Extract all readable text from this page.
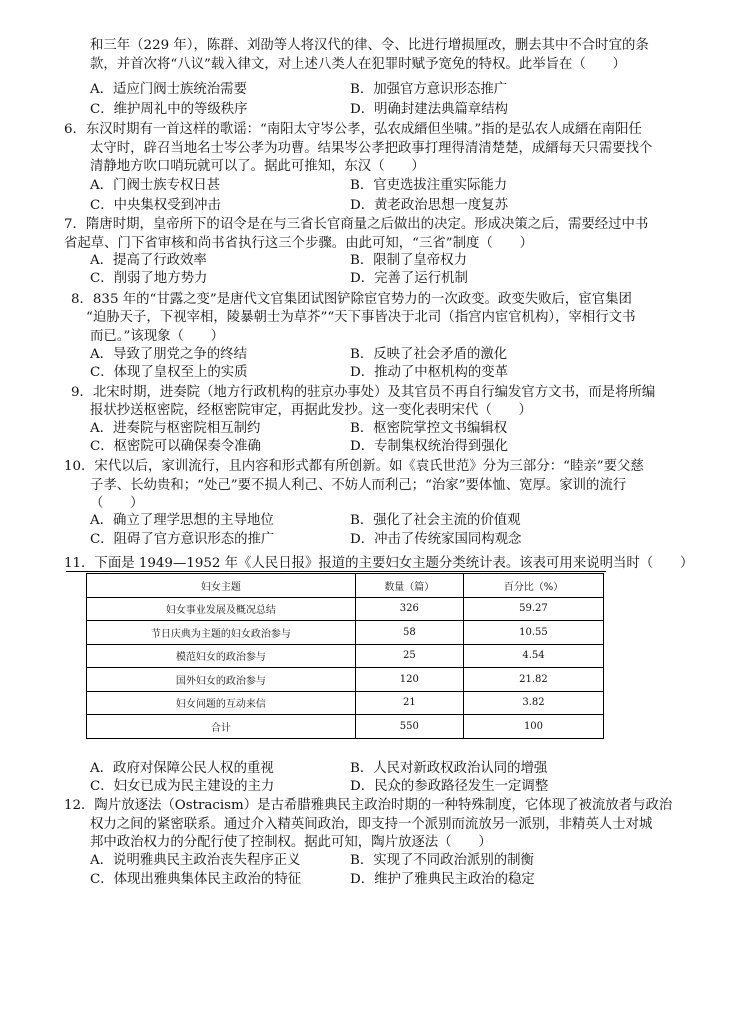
和三年（229 年），陈群、刘劭等人将汉代的律、令、比进行增损厘改，删去其中不合时宜的条
款，并首次将“八议”载入律文，对上述八类人在犯罪时赋予宽免的特权。此举旨在（　　）
A．适应门阀士族统治需要	B．加强官方意识形态推广
C．维护周礼中的等级秩序	D．明确封建法典篇章结构
6．东汉时期有一首这样的歌谣：“南阳太守岑公孝，弘农成縉但坐啸。”指的是弘农人成縉在南阳任
太守时，辟召当地名士岑公孝为功曹。结果岑公孝把政事打理得清清楚楚，成縉每天只需要找个
清静地方吹口哨玩就可以了。据此可推知，东汉（　　）
A．门阀士族专权日甚	B．官吏选拔注重实际能力
C．中央集权受到冲击	D．黄老政治思想一度复苏
7．隋唐时期，皇帝所下的诏令是在与三省长官商量之后做出的决定。形成决策之后，需要经过中书
省起草、门下省审核和尚书省执行这三个步骤。由此可知，“三省”制度（　　）
A．提高了行政效率	B．限制了皇帝权力
C．削弱了地方势力	D．完善了运行机制
8．835 年的“甘露之变”是唐代文官集团试图铲除宦官势力的一次政变。政变失败后，宦官集团
“迫胁天子，下视宰相，陵暴朝士为草芥”“天下事皆决于北司（指宫内宦官机构），宰相行文书
而已。”该现象（　　）
A．导致了朋党之争的终结	B．反映了社会矛盾的激化
C．体现了皇权至上的实质	D．推动了中枢机构的变革
9．北宋时期，进奏院（地方行政机构的驻京办事处）及其官员不再自行编发官方文书，而是将所编
报状抄送枢密院，经枢密院审定，再据此发抄。这一变化表明宋代（　　）
A．进奏院与枢密院相互制约	B．枢密院掌控文书编辑权
C．枢密院可以确保奏令准确	D．专制集权统治得到强化
10．宋代以后，家训流行，且内容和形式都有所创新。如《袁氏世范》分为三部分：“睦亲”要父慈
子孝、长幼贵和；“处己”要不损人利己、不妨人而利己；“治家”要体恤、宽厚。家训的流行
（　　）
A．确立了理学思想的主导地位	B．强化了社会主流的价值观
C．阻碍了官方意识形态的推广	D．冲击了传统家国同构观念
11．下面是 1949—1952 年《人民日报》报道的主要妇女主题分类统计表。该表可用来说明当时（　　）
妇女主题	数量（篇）	百分比（%）
妇女事业发展及概况总结	326	59.27
节日庆典为主题的妇女政治参与	58	10.55
模范妇女的政治参与	25	4.54
国外妇女的政治参与	120	21.82
妇女问题的互动来信	21	3.82
合计	550	100
A．政府对保障公民人权的重视	B．人民对新政权政治认同的增强
C．妇女已成为民主建设的主力	D．民众的参政路径发生一定调整
12．陶片放逐法（Ostracism）是古希腊雅典民主政治时期的一种特殊制度，它体现了被流放者与政治
权力之间的紧密联系。通过介入精英间政治，即支持一个派别而流放另一派别，非精英人士对城
邦中政治权力的分配行使了控制权。据此可知，陶片放逐法（　　）
A．说明雅典民主政治丧失程序正义	B．实现了不同政治派别的制衡
C．体现出雅典集体民主政治的特征	D．维护了雅典民主政治的稳定
